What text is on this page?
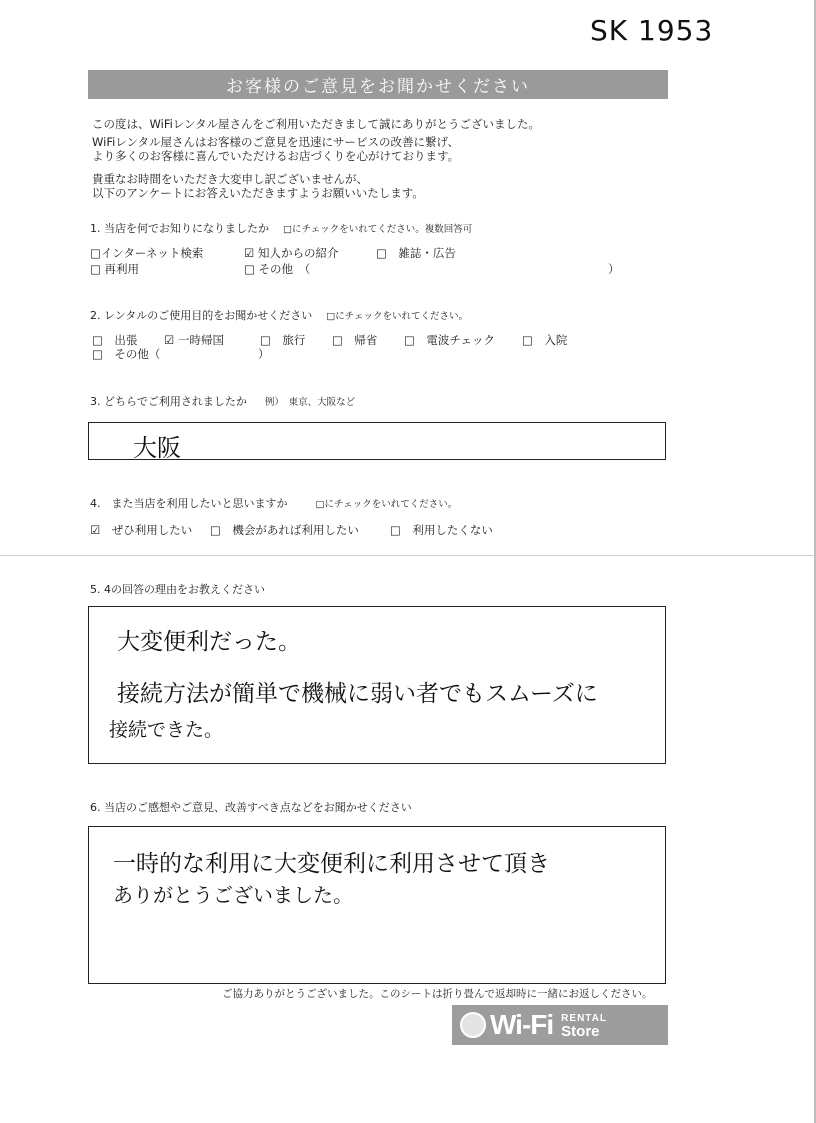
SK 1953
お客様のご意見をお聞かせください
この度は、WiFiレンタル屋さんをご利用いただきまして誠にありがとうございました。
WiFiレンタル屋さんはお客様のご意見を迅速にサービスの改善に繋げ、
より多くのお客様に喜んでいただけるお店づくりを心がけております。
貴重なお時間をいただき大変申し訳ございませんが、
以下のアンケートにお答えいただきますようお願いいたします。
1. 当店を何でお知りになりましたか □にチェックをいれてください。複数回答可
□インターネット検索	☑ 知人からの紹介	□　雑誌・広告
□ 再利用	□ その他　（	）
2. レンタルのご使用目的をお聞かせください □にチェックをいれてください。
□　出張 ☑ 一時帰国	□　旅行 □　帰省 □　電波チェック □　入院
□　その他（	）
3. どちらでご利用されましたか 例）　東京、大阪など
大阪
4.　また当店を利用したいと思いますか	□にチェックをいれてください。
☑　ぜひ利用したい □　機会があれば利用したい	□　利用したくない
5. 4の回答の理由をお教えください
大変便利だった。
接続方法が簡単で機械に弱い者でもスムーズに
接続できた。
6. 当店のご感想やご意見、改善すべき点などをお聞かせください
一時的な利用に大変便利に利用させて頂き
ありがとうございました。
ご協力ありがとうございました。このシートは折り畳んで返却時に一緒にお返しください。
Wi-Fi RENTAL
Store
